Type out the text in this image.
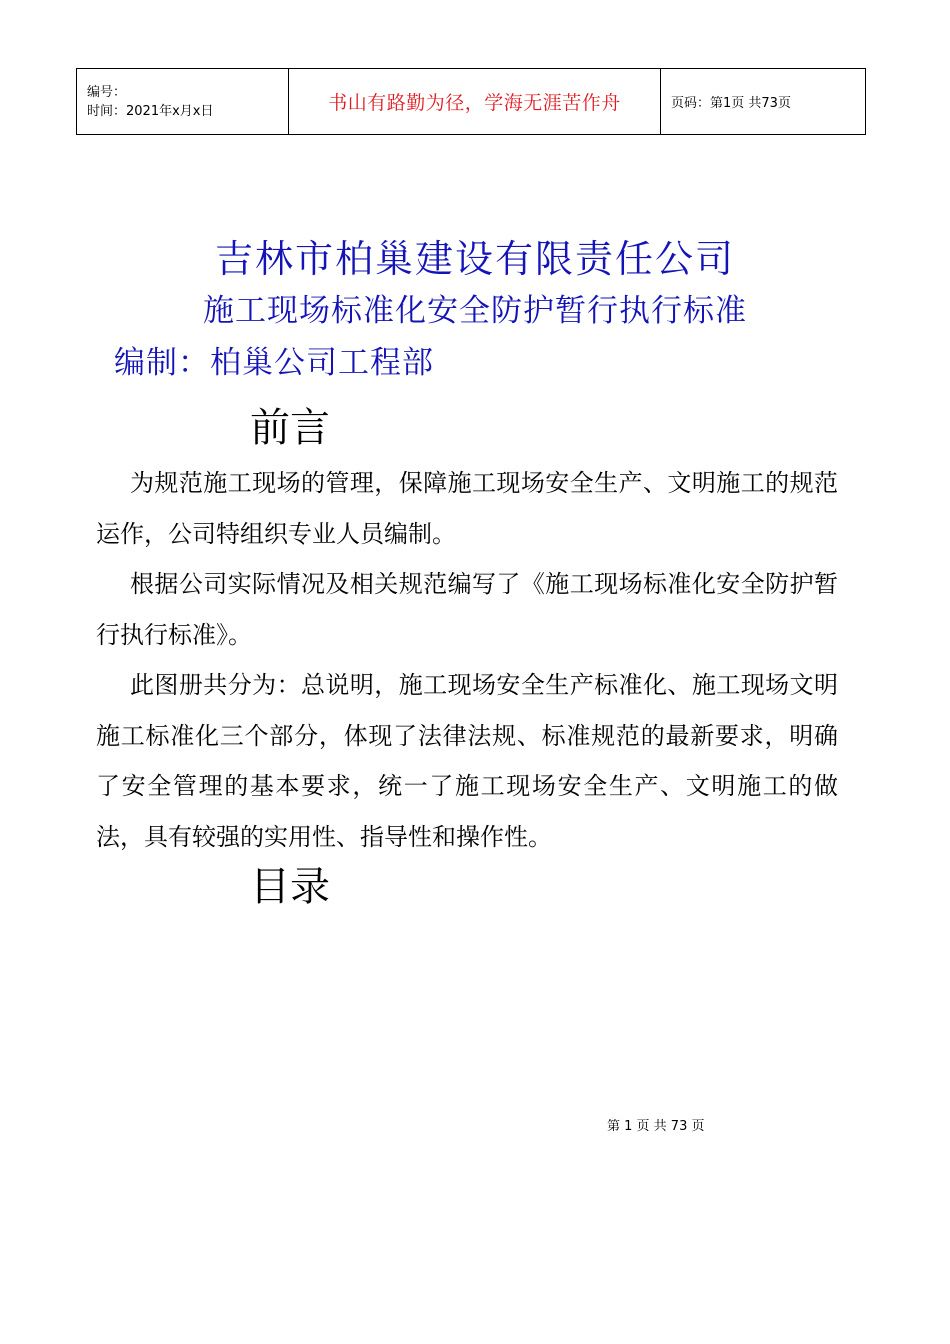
编号：
时间：2021年x月x日	书山有路勤为径，学海无涯苦作舟	页码：第1页 共73页
吉林市柏巢建设有限责任公司
施工现场标准化安全防护暂行执行标准
编制：柏巢公司工程部
前言

为规范施工现场的管理，保障施工现场安全生产、文明施工的规范运作，公司特组织专业人员编制。

根据公司实际情况及相关规范编写了《施工现场标准化安全防护暂行执行标准》。

此图册共分为：总说明，施工现场安全生产标准化、施工现场文明施工标准化三个部分，体现了法律法规、标准规范的最新要求，明确了安全管理的基本要求，统一了施工现场安全生产、文明施工的做法，具有较强的实用性、指导性和操作性。

目录
第 1 页 共 73 页
